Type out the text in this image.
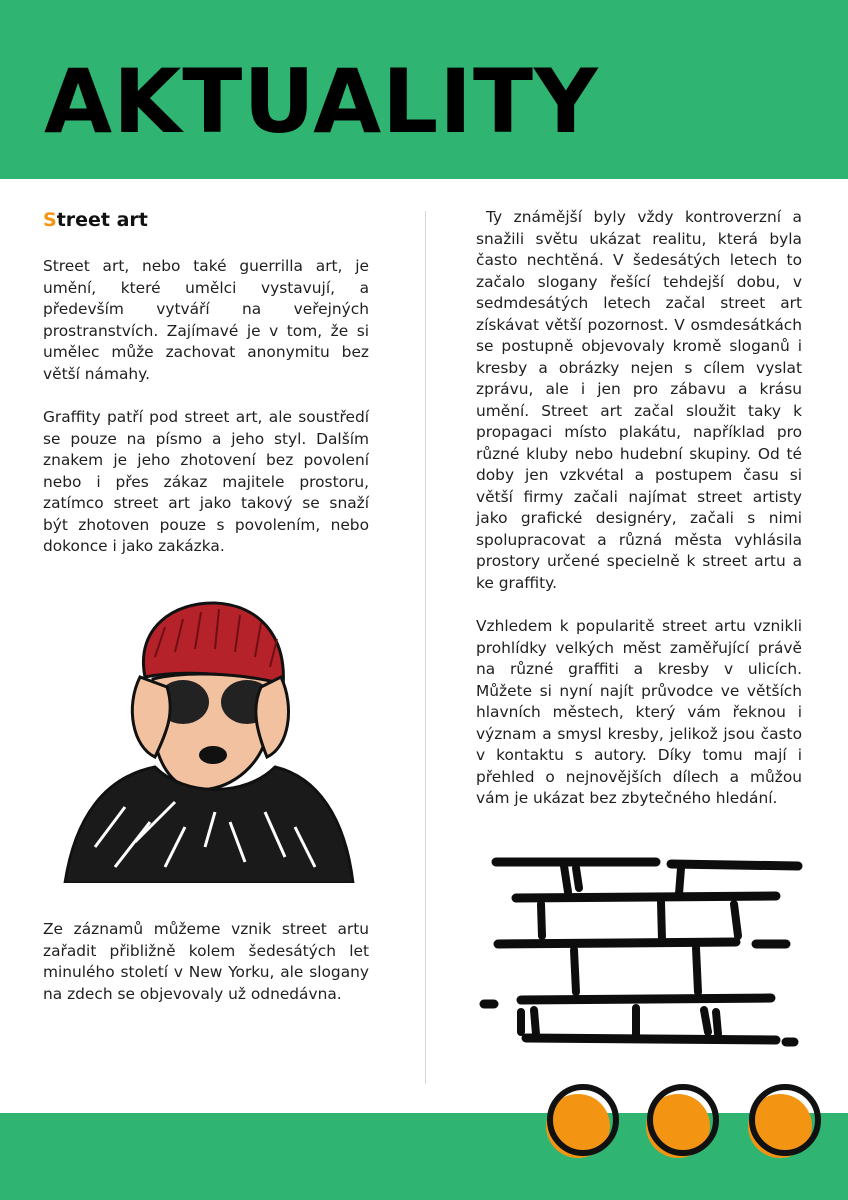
AKTUALITY
Street art

Street art, nebo také guerrilla art, je umění, které umělci vystavují, a především vytváří na veřejných prostranstvích. Zajímavé je v tom, že si umělec může zachovat anonymitu bez větší námahy.

Graffity patří pod street art, ale soustředí se pouze na písmo a jeho styl. Dalším znakem je jeho zhotovení bez povolení nebo i přes zákaz majitele prostoru, zatímco street art jako takový se snaží být zhotoven pouze s povolením, nebo dokonce i jako zakázka.

Ze záznamů můžeme vznik street artu zařadit přibližně kolem šedesátých let minulého století v New Yorku, ale slogany na zdech se objevovaly už odnedávna.

Ty známější byly vždy kontroverzní a snažili světu ukázat realitu, která byla často nechtěná. V šedesátých letech to začalo slogany řešící tehdejší dobu, v sedmdesátých letech začal street art získávat větší pozornost. V osmdesátkách se postupně objevovaly kromě sloganů i kresby a obrázky nejen s cílem vyslat zprávu, ale i jen pro zábavu a krásu umění. Street art začal sloužit taky k propagaci místo plakátu, například pro různé kluby nebo hudební skupiny. Od té doby jen vzkvétal a postupem času si větší firmy začali najímat street artisty jako grafické designéry, začali s nimi spolupracovat a různá města vyhlásila prostory určené specielně k street artu a ke graffity.

Vzhledem k popularitě street artu vznikli prohlídky velkých měst zaměřující právě na různé graffiti a kresby v ulicích. Můžete si nyní najít průvodce ve větších hlavních městech, který vám řeknou i význam a smysl kresby, jelikož jsou často v kontaktu s autory. Díky tomu mají i přehled o nejnovějších dílech a můžou vám je ukázat bez zbytečného hledání.
